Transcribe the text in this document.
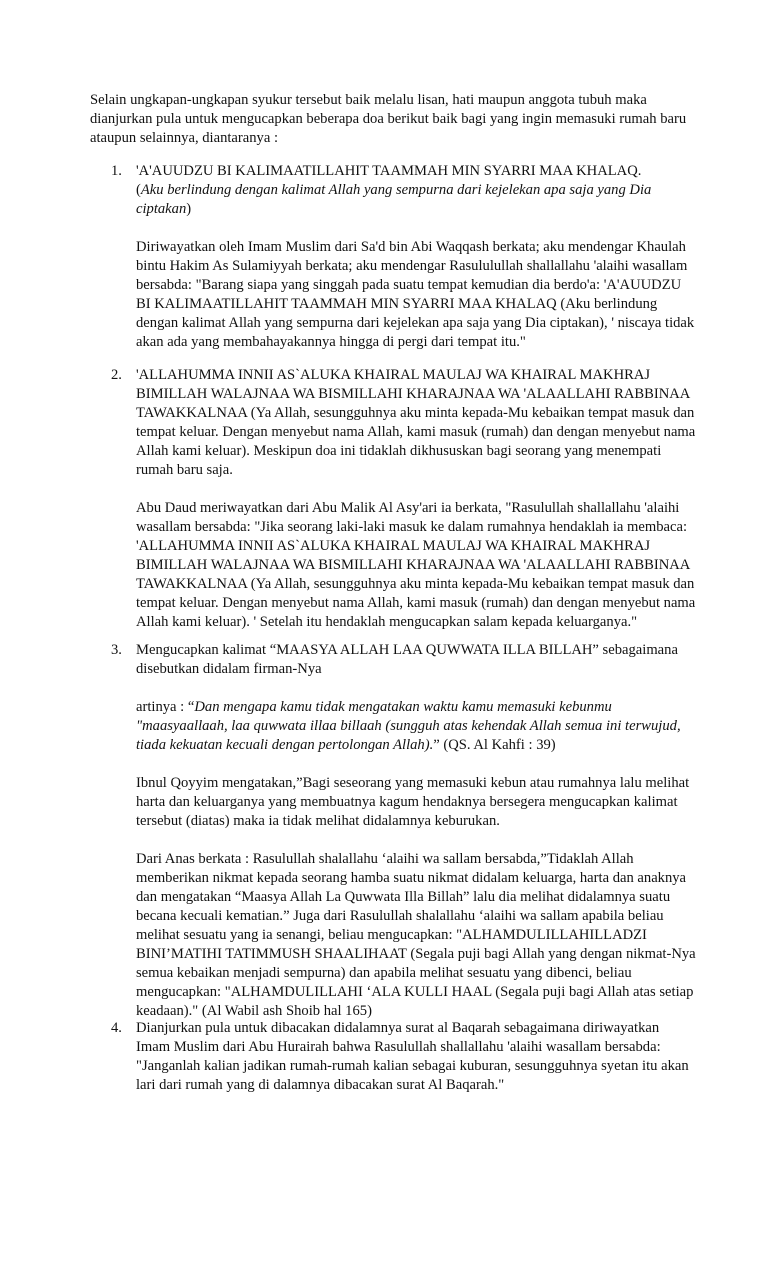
Selain ungkapan-ungkapan syukur tersebut baik melalu lisan, hati maupun anggota tubuh maka dianjurkan pula untuk mengucapkan beberapa doa berikut baik bagi yang ingin memasuki rumah baru ataupun selainnya, diantaranya :

1. 'A'AUUDZU BI KALIMAATILLAHIT TAAMMAH MIN SYARRI MAA KHALAQ.
(Aku berlindung dengan kalimat Allah yang sempurna dari kejelekan apa saja yang Dia ciptakan)

Diriwayatkan oleh Imam Muslim dari Sa'd bin Abi Waqqash berkata; aku mendengar Khaulah bintu Hakim As Sulamiyyah berkata; aku mendengar Rasululullah shallallahu 'alaihi wasallam bersabda: "Barang siapa yang singgah pada suatu tempat kemudian dia berdo'a: 'A'AUUDZU BI KALIMAATILLAHIT TAAMMAH MIN SYARRI MAA KHALAQ (Aku berlindung dengan kalimat Allah yang sempurna dari kejelekan apa saja yang Dia ciptakan), ' niscaya tidak akan ada yang membahayakannya hingga di pergi dari tempat itu."

2. 'ALLAHUMMA INNII AS`ALUKA KHAIRAL MAULAJ WA KHAIRAL MAKHRAJ BIMILLAH WALAJNAA WA BISMILLAHI KHARAJNAA WA 'ALAALLAHI RABBINAA TAWAKKALNAA (Ya Allah, sesungguhnya aku minta kepada-Mu kebaikan tempat masuk dan tempat keluar. Dengan menyebut nama Allah, kami masuk (rumah) dan dengan menyebut nama Allah kami keluar). Meskipun doa ini tidaklah dikhususkan bagi seorang yang menempati rumah baru saja.

Abu Daud meriwayatkan dari Abu Malik Al Asy'ari ia berkata, "Rasulullah shallallahu 'alaihi wasallam bersabda: "Jika seorang laki-laki masuk ke dalam rumahnya hendaklah ia membaca: 'ALLAHUMMA INNII AS`ALUKA KHAIRAL MAULAJ WA KHAIRAL MAKHRAJ BIMILLAH WALAJNAA WA BISMILLAHI KHARAJNAA WA 'ALAALLAHI RABBINAA TAWAKKALNAA (Ya Allah, sesungguhnya aku minta kepada-Mu kebaikan tempat masuk dan tempat keluar. Dengan menyebut nama Allah, kami masuk (rumah) dan dengan menyebut nama Allah kami keluar). ' Setelah itu hendaklah mengucapkan salam kepada keluarganya."

3. Mengucapkan kalimat “MAASYA ALLAH LAA QUWWATA ILLA BILLAH” sebagaimana disebutkan didalam firman-Nya

artinya : “Dan mengapa kamu tidak mengatakan waktu kamu memasuki kebunmu "maasyaallaah, laa quwwata illaa billaah (sungguh atas kehendak Allah semua ini terwujud, tiada kekuatan kecuali dengan pertolongan Allah).” (QS. Al Kahfi : 39)

Ibnul Qoyyim mengatakan,”Bagi seseorang yang memasuki kebun atau rumahnya lalu melihat harta dan keluarganya yang membuatnya kagum hendaknya bersegera mengucapkan kalimat tersebut (diatas) maka ia tidak melihat didalamnya keburukan.

Dari Anas berkata : Rasulullah shalallahu ‘alaihi wa sallam bersabda,”Tidaklah Allah memberikan nikmat kepada seorang hamba suatu nikmat didalam keluarga, harta dan anaknya dan mengatakan “Maasya Allah La Quwwata Illa Billah” lalu dia melihat didalamnya suatu becana kecuali kematian.” Juga dari Rasulullah shalallahu ‘alaihi wa sallam apabila beliau melihat sesuatu yang ia senangi, beliau mengucapkan: "ALHAMDULILLAHILLADZI BINI’MATIHI TATIMMUSH SHAALIHAAT (Segala puji bagi Allah yang dengan nikmat-Nya semua kebaikan menjadi sempurna) dan apabila melihat sesuatu yang dibenci, beliau mengucapkan: "ALHAMDULILLAHI ‘ALA KULLI HAAL (Segala puji bagi Allah atas setiap keadaan)." (Al Wabil ash Shoib hal 165)

4. Dianjurkan pula untuk dibacakan didalamnya surat al Baqarah sebagaimana diriwayatkan Imam Muslim dari Abu Hurairah bahwa Rasulullah shallallahu 'alaihi wasallam bersabda: "Janganlah kalian jadikan rumah-rumah kalian sebagai kuburan, sesungguhnya syetan itu akan lari dari rumah yang di dalamnya dibacakan surat Al Baqarah."
